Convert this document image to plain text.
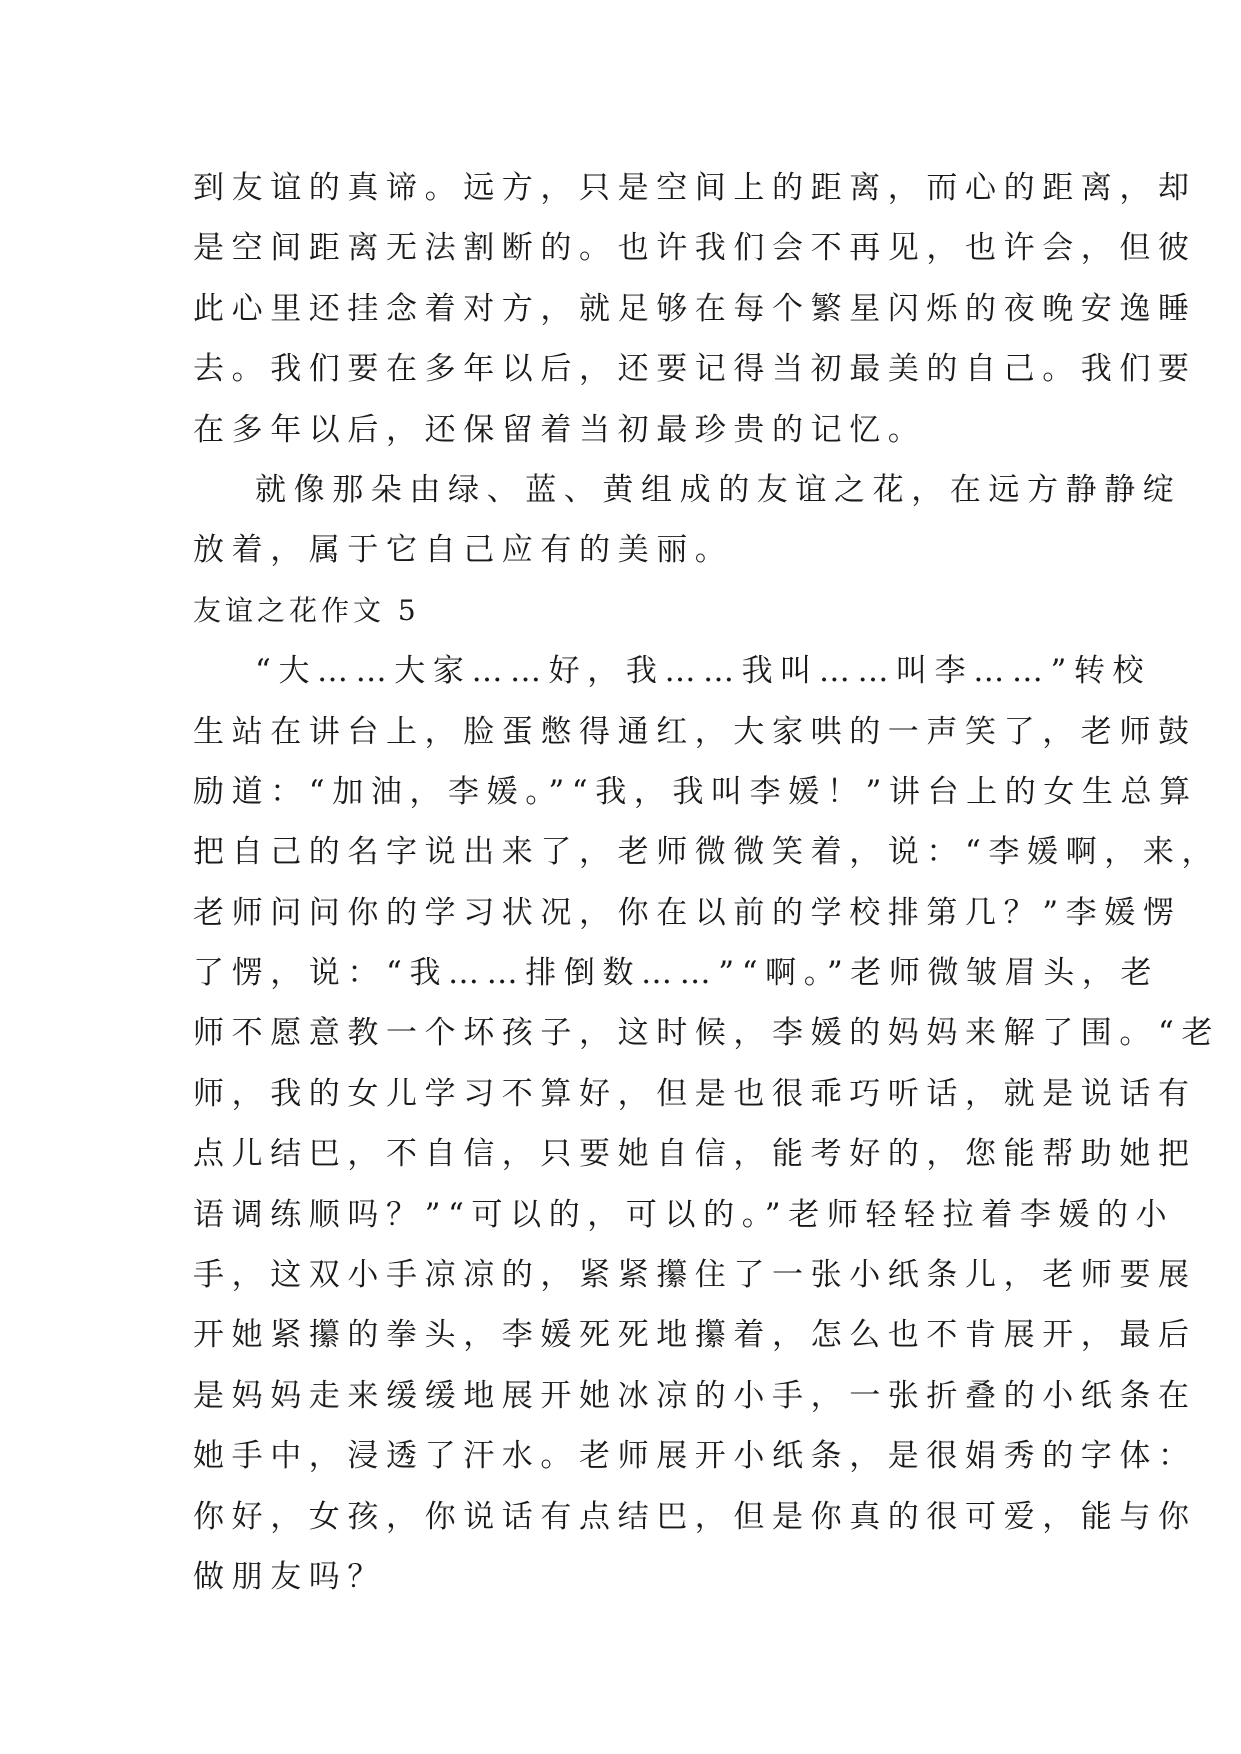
到友谊的真谛。远方，只是空间上的距离，而心的距离，却
是空间距离无法割断的。也许我们会不再见，也许会，但彼
此心里还挂念着对方，就足够在每个繁星闪烁的夜晚安逸睡
去。我们要在多年以后，还要记得当初最美的自己。我们要
在多年以后，还保留着当初最珍贵的记忆。
就像那朵由绿、蓝、黄组成的友谊之花，在远方静静绽
放着，属于它自己应有的美丽。
友谊之花作文 5
“大……大家……好，我……我叫……叫李……”转校
生站在讲台上，脸蛋憋得通红，大家哄的一声笑了，老师鼓
励道：“加油，李媛。”“我，我叫李媛！”讲台上的女生总算
把自己的名字说出来了，老师微微笑着，说：“李媛啊，来，
老师问问你的学习状况，你在以前的学校排第几？”李媛愣
了愣，说：“我……排倒数……”“啊。”老师微皱眉头，老
师不愿意教一个坏孩子，这时候，李媛的妈妈来解了围。“老
师，我的女儿学习不算好，但是也很乖巧听话，就是说话有
点儿结巴，不自信，只要她自信，能考好的，您能帮助她把
语调练顺吗？”“可以的，可以的。”老师轻轻拉着李媛的小
手，这双小手凉凉的，紧紧攥住了一张小纸条儿，老师要展
开她紧攥的拳头，李媛死死地攥着，怎么也不肯展开，最后
是妈妈走来缓缓地展开她冰凉的小手，一张折叠的小纸条在
她手中，浸透了汗水。老师展开小纸条，是很娟秀的字体：
你好，女孩，你说话有点结巴，但是你真的很可爱，能与你
做朋友吗？
